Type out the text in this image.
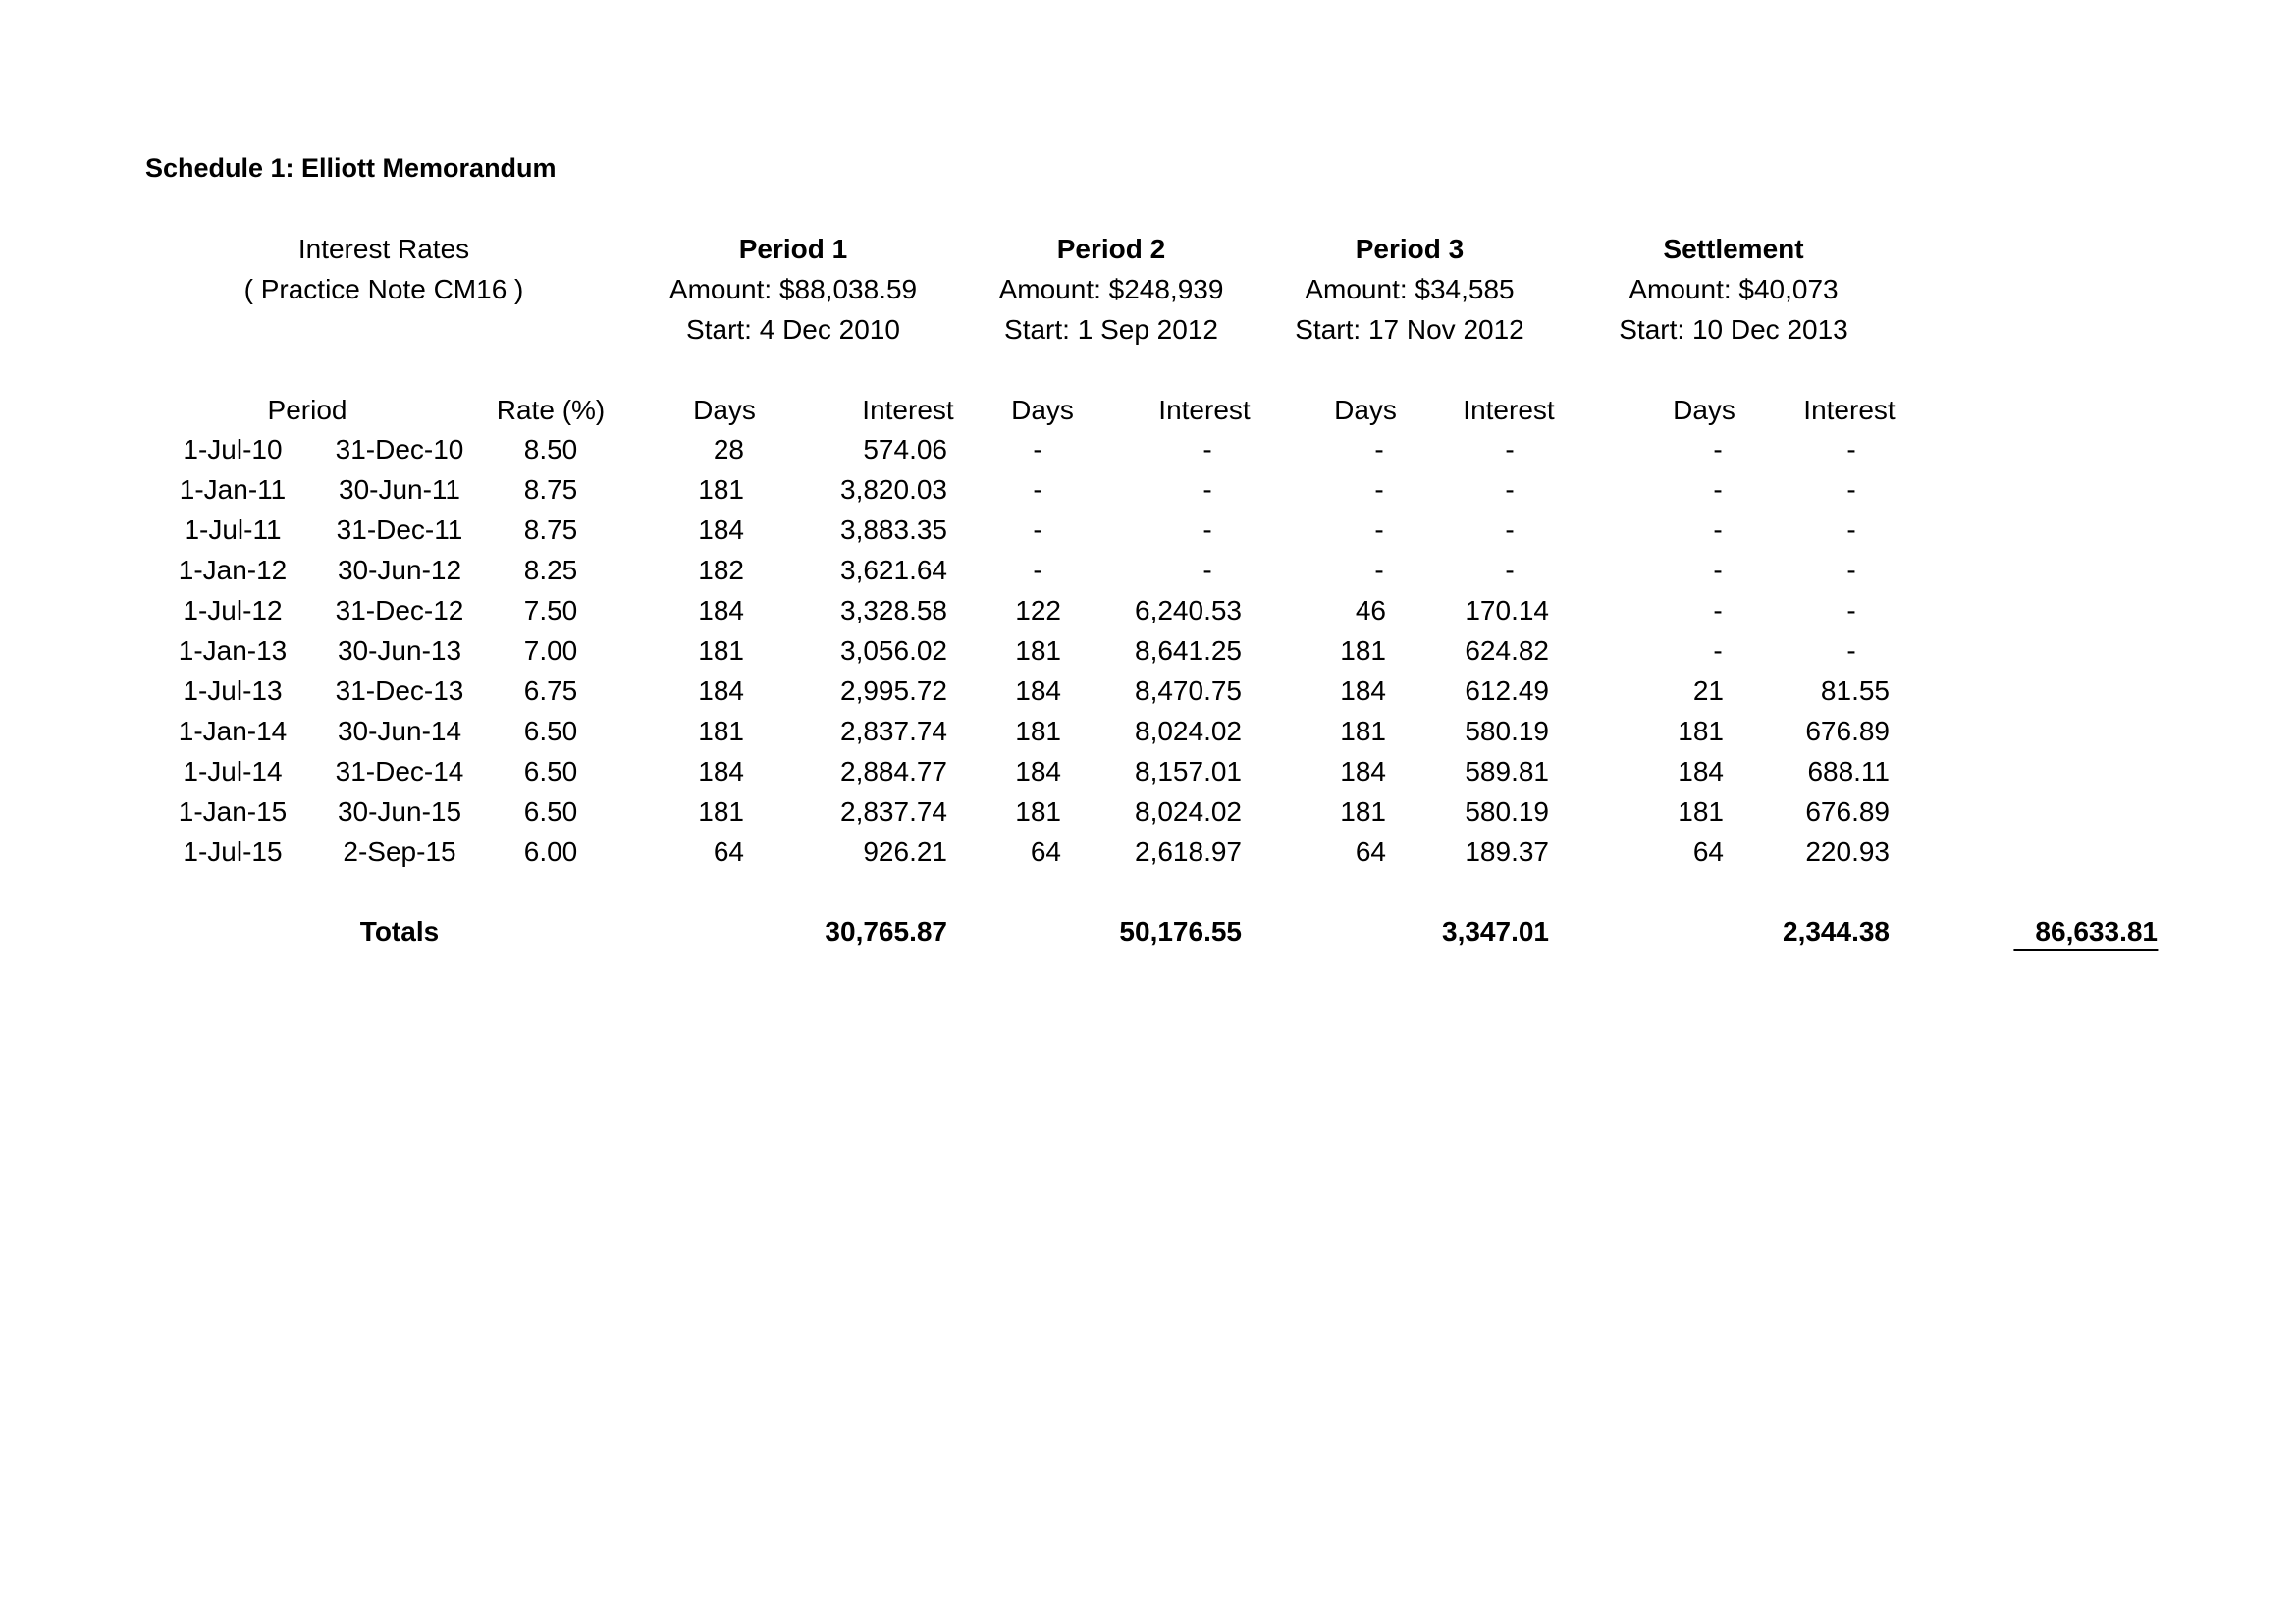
Schedule 1: Elliott Memorandum
Interest Rates
( Practice Note CM16 )
Period 1
Amount: $88,038.59
Start: 4 Dec 2010
Period 2
Amount: $248,939
Start: 1 Sep 2012
Period 3
Amount: $34,585
Start: 17 Nov 2012
Settlement
Amount: $40,073
Start: 10 Dec 2013
Period	Rate (%)	Days	Interest Days	Interest	Days Interest	Days Interest
1-Jul-10 31-Dec-10 8.50	28	574.06	-	-	-	-	-	-
1-Jan-11 30-Jun-11 8.75	181	3,820.03	-	-	-	-	-	-
1-Jul-11 31-Dec-11 8.75	184	3,883.35	-	-	-	-	-	-
1-Jan-12 30-Jun-12 8.25	182	3,621.64	-	-	-	-	-	-
1-Jul-12 31-Dec-12 7.50	184	3,328.58 122	6,240.53	46	170.14	-	-
1-Jan-13 30-Jun-13 7.00	181	3,056.02 181	8,641.25	181	624.82	-	-
1-Jul-13 31-Dec-13 6.75	184	2,995.72 184	8,470.75	184	612.49	21	81.55
1-Jan-14 30-Jun-14 6.50	181	2,837.74 181	8,024.02	181	580.19	181	676.89
1-Jul-14 31-Dec-14 6.50	184	2,884.77 184	8,157.01	184	589.81	184	688.11
1-Jan-15 30-Jun-15 6.50	181	2,837.74 181	8,024.02	181	580.19	181	676.89
1-Jul-15 2-Sep-15 6.00	64	926.21	64	2,618.97	64	189.37	64	220.93
Totals	30,765.87	50,176.55	3,347.01	2,344.38	86,633.81
